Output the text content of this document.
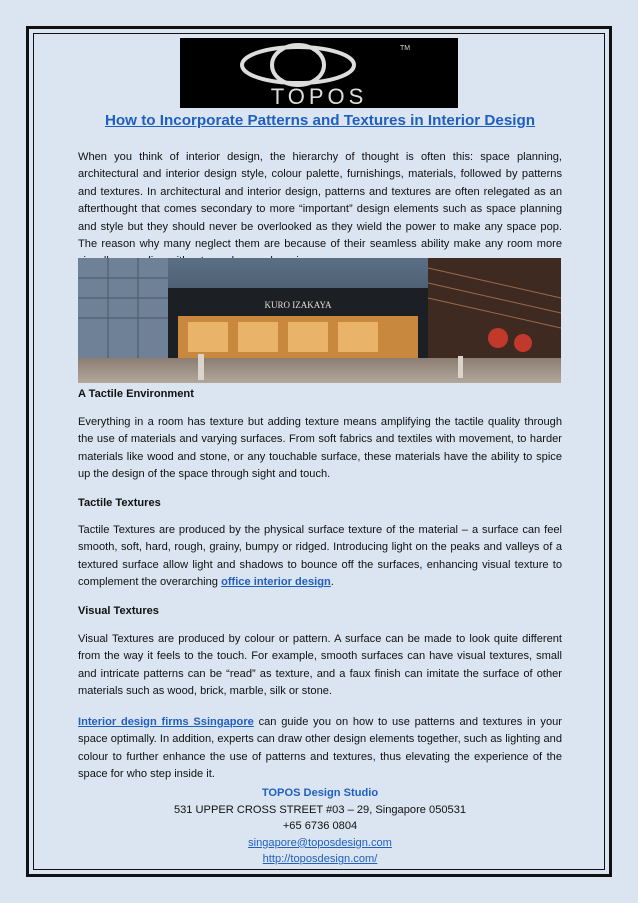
TM
TOPOS
How to Incorporate Patterns and Textures in Interior Design
When you think of interior design, the hierarchy of thought is often this: space planning, architectural and interior design style, colour palette, furnishings, materials, followed by patterns and textures. In architectural and interior design, patterns and textures are often relegated as an afterthought that comes secondary to more “important” design elements such as space planning and style but they should never be overlooked as they wield the power to make any space pop. The reason why many neglect them are because of their seamless ability make any room more
KURO IZAKAYA
A Tactile Environment
Everything in a room has texture but adding texture means amplifying the tactile quality through the use of materials and varying surfaces. From soft fabrics and textiles with movement, to harder materials like wood and stone, or any touchable surface, these materials have the ability to spice up the design of the space through sight and touch.
Tactile Textures
Tactile Textures are produced by the physical surface texture of the material – a surface can feel smooth, soft, hard, rough, grainy, bumpy or ridged. Introducing light on the peaks and valleys of a textured surface allow light and shadows to bounce off the surfaces, enhancing visual texture to complement the overarching office interior design.
Visual Textures
Visual Textures are produced by colour or pattern. A surface can be made to look quite different from the way it feels to the touch. For example, smooth surfaces can have visual textures, small and intricate patterns can be “read” as texture, and a faux finish can imitate the surface of other materials such as wood, brick, marble, silk or stone.
Interior design firms Ssingapore can guide you on how to use patterns and textures in your space optimally. In addition, experts can draw other design elements together, such as lighting and colour to further enhance the use of patterns and textures, thus elevating the experience of the space for who step inside it.
TOPOS Design Studio
531 UPPER CROSS STREET #03 – 29, Singapore 050531
+65 6736 0804
singapore@toposdesign.com
http://toposdesign.com/
